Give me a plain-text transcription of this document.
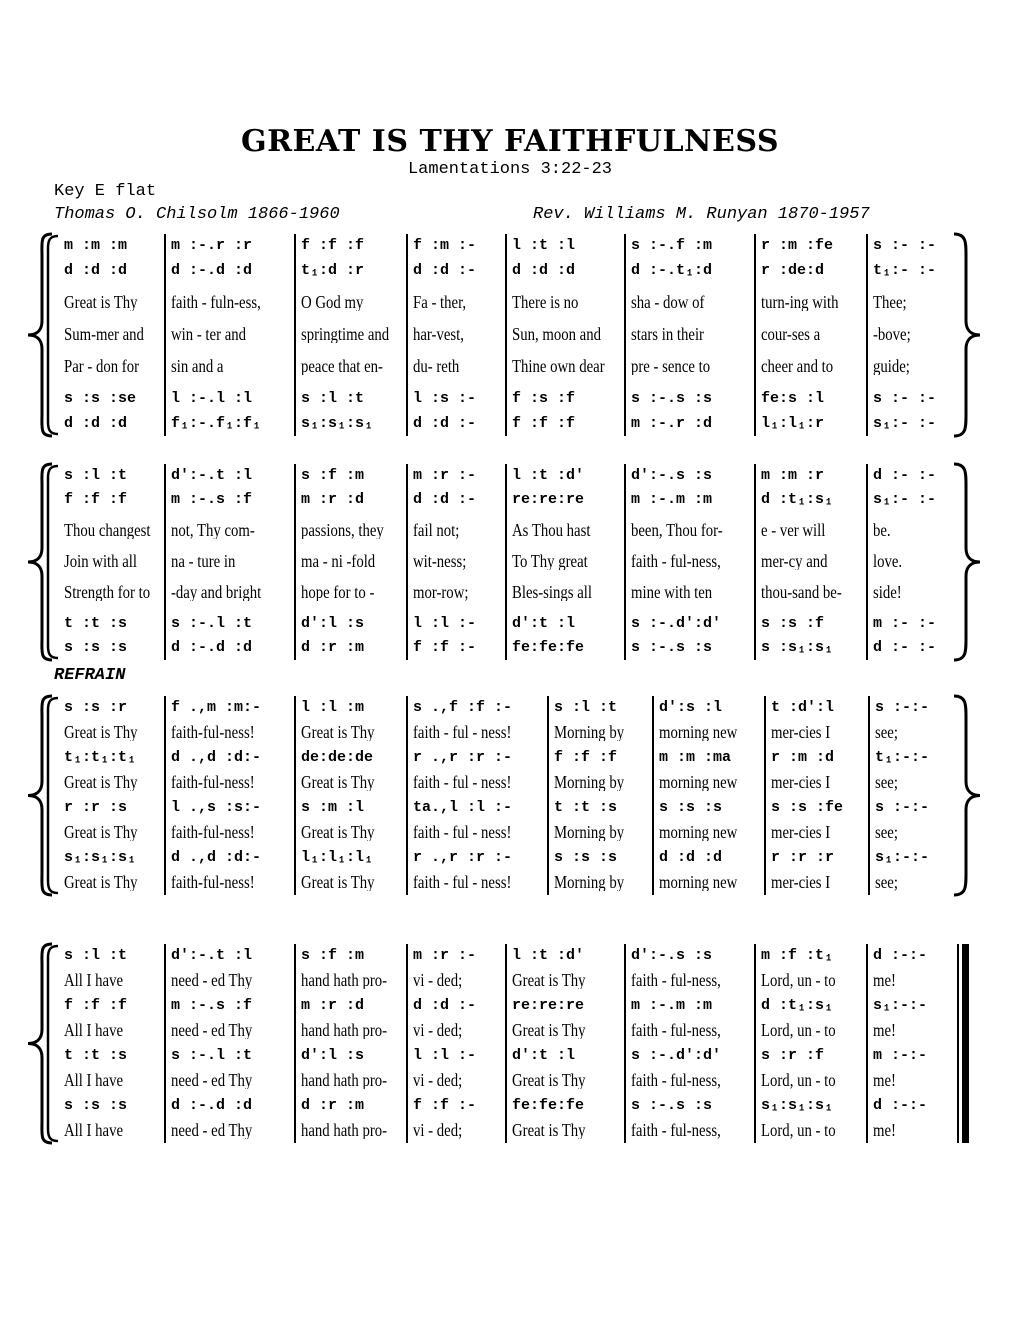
GREAT IS THY FAITHFULNESS
Lamentations 3:22-23
Key E flat
Thomas O. Chilsolm 1866-1960	Rev. Williams M. Runyan 1870-1957
REFRAIN
m :m :m	m :-.r :r	f :f :f	f :m :-	l :t :l	s :-.f :m	r :m :fe	s :- :-
d :d :d	d :-.d :d	t₁:d :r	d :d :-	d :d :d	d :-.t₁:d	r :de:d	t₁:- :-
Great is Thy	faith - fuln-ess,	O God my	Fa - ther,	There is no	sha - dow of	turn-ing with	Thee;
Sum-mer and	win - ter and	springtime and	har-vest,	Sun, moon and	stars in their	cour-ses a	-bove;
Par - don for	sin and a	peace that en-	du- reth	Thine own dear	pre - sence to	cheer and to	guide;
s :s :se	l :-.l :l	s :l :t	l :s :-	f :s :f	s :-.s :s	fe:s :l	s :- :-
d :d :d	f₁:-.f₁:f₁	s₁:s₁:s₁	d :d :-	f :f :f	m :-.r :d	l₁:l₁:r	s₁:- :-
s :l :t	d':-.t :l	s :f :m	m :r :-	l :t :d'	d':-.s :s	m :m :r	d :- :-
f :f :f	m :-.s :f	m :r :d	d :d :-	re:re:re	m :-.m :m	d :t₁:s₁	s₁:- :-
Thou changest	not, Thy com-	passions, they	fail not;	As Thou hast	been, Thou for-	e - ver will	be.
Join with all	na - ture in	ma - ni -fold	wit-ness;	To Thy great	faith - ful-ness,	mer-cy and	love.
Strength for to	-day and bright	hope for to -	mor-row;	Bles-sings all	mine with ten	thou-sand be-	side!
t :t :s	s :-.l :t	d':l :s	l :l :-	d':t :l	s :-.d':d'	s :s :f	m :- :-
s :s :s	d :-.d :d	d :r :m	f :f :-	fe:fe:fe	s :-.s :s	s :s₁:s₁	d :- :-
s :s :r	f .,m :m:-	l :l :m	s .,f :f :-	s :l :t	d':s :l	t :d':l	s :-:-
Great is Thy	faith-ful-ness!	Great is Thy	faith - ful - ness!	Morning by	morning new	mer-cies I	see;
t₁:t₁:t₁	d .,d :d:-	de:de:de	r .,r :r :-	f :f :f	m :m :ma	r :m :d	t₁:-:-
Great is Thy	faith-ful-ness!	Great is Thy	faith - ful - ness!	Morning by	morning new	mer-cies I	see;
r :r :s	l .,s :s:-	s :m :l	ta.,l :l :-	t :t :s	s :s :s	s :s :fe	s :-:-
Great is Thy	faith-ful-ness!	Great is Thy	faith - ful - ness!	Morning by	morning new	mer-cies I	see;
s₁:s₁:s₁	d .,d :d:-	l₁:l₁:l₁	r .,r :r :-	s :s :s	d :d :d	r :r :r	s₁:-:-
Great is Thy	faith-ful-ness!	Great is Thy	faith - ful - ness!	Morning by	morning new	mer-cies I	see;
s :l :t	d':-.t :l	s :f :m	m :r :-	l :t :d'	d':-.s :s	m :f :t₁	d :-:-
All I have	need - ed Thy	hand hath pro-	vi - ded;	Great is Thy	faith - ful-ness,	Lord, un - to	me!
f :f :f	m :-.s :f	m :r :d	d :d :-	re:re:re	m :-.m :m	d :t₁:s₁	s₁:-:-
All I have	need - ed Thy	hand hath pro-	vi - ded;	Great is Thy	faith - ful-ness,	Lord, un - to	me!
t :t :s	s :-.l :t	d':l :s	l :l :-	d':t :l	s :-.d':d'	s :r :f	m :-:-
All I have	need - ed Thy	hand hath pro-	vi - ded;	Great is Thy	faith - ful-ness,	Lord, un - to	me!
s :s :s	d :-.d :d	d :r :m	f :f :-	fe:fe:fe	s :-.s :s	s₁:s₁:s₁	d :-:-
All I have	need - ed Thy	hand hath pro-	vi - ded;	Great is Thy	faith - ful-ness,	Lord, un - to	me!
